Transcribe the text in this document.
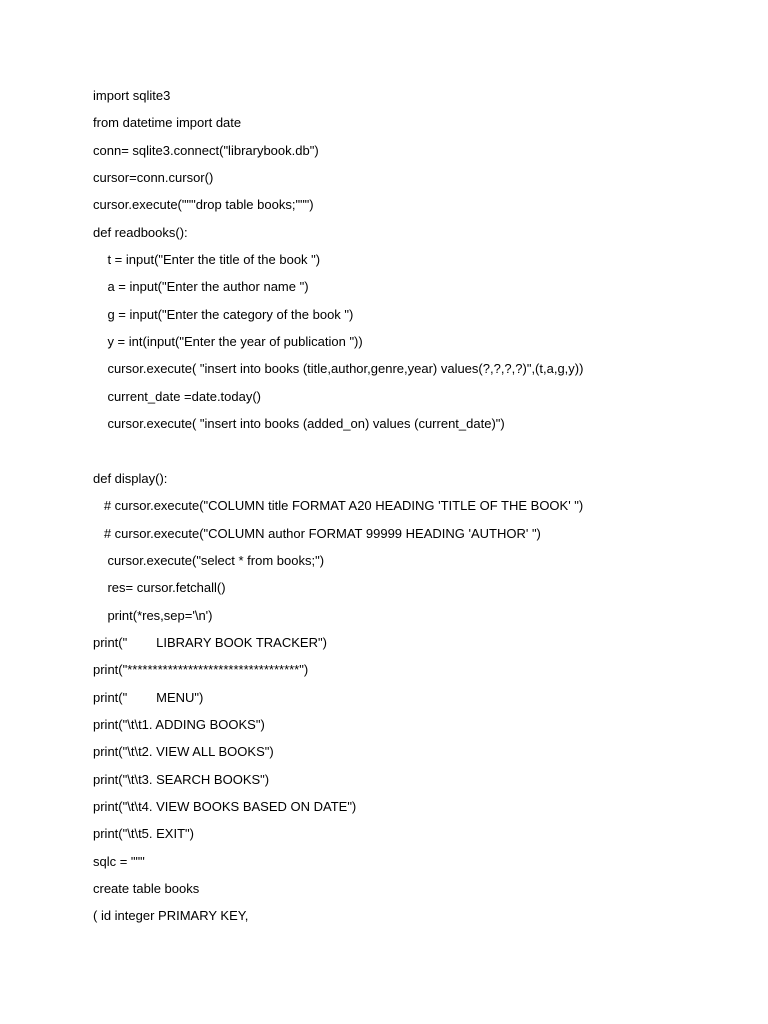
import sqlite3
from datetime import date
conn= sqlite3.connect("librarybook.db")
cursor=conn.cursor()
cursor.execute("""drop table books;""")
def readbooks():
t = input("Enter the title of the book ")
a = input("Enter the author name ")
g = input("Enter the category of the book ")
y = int(input("Enter the year of publication "))
cursor.execute( "insert into books (title,author,genre,year) values(?,?,?,?)",(t,a,g,y))
current_date =date.today()
cursor.execute( "insert into books (added_on) values (current_date)")
def display():
# cursor.execute("COLUMN title FORMAT A20 HEADING 'TITLE OF THE BOOK' ")
# cursor.execute("COLUMN author FORMAT 99999 HEADING 'AUTHOR' ")
cursor.execute("select * from books;")
res= cursor.fetchall()
print(*res,sep='\n')
print("        LIBRARY BOOK TRACKER")
print("**********************************")
print("        MENU")
print("\t\t1. ADDING BOOKS")
print("\t\t2. VIEW ALL BOOKS")
print("\t\t3. SEARCH BOOKS")
print("\t\t4. VIEW BOOKS BASED ON DATE")
print("\t\t5. EXIT")
sqlc = """
create table books
( id integer PRIMARY KEY,
